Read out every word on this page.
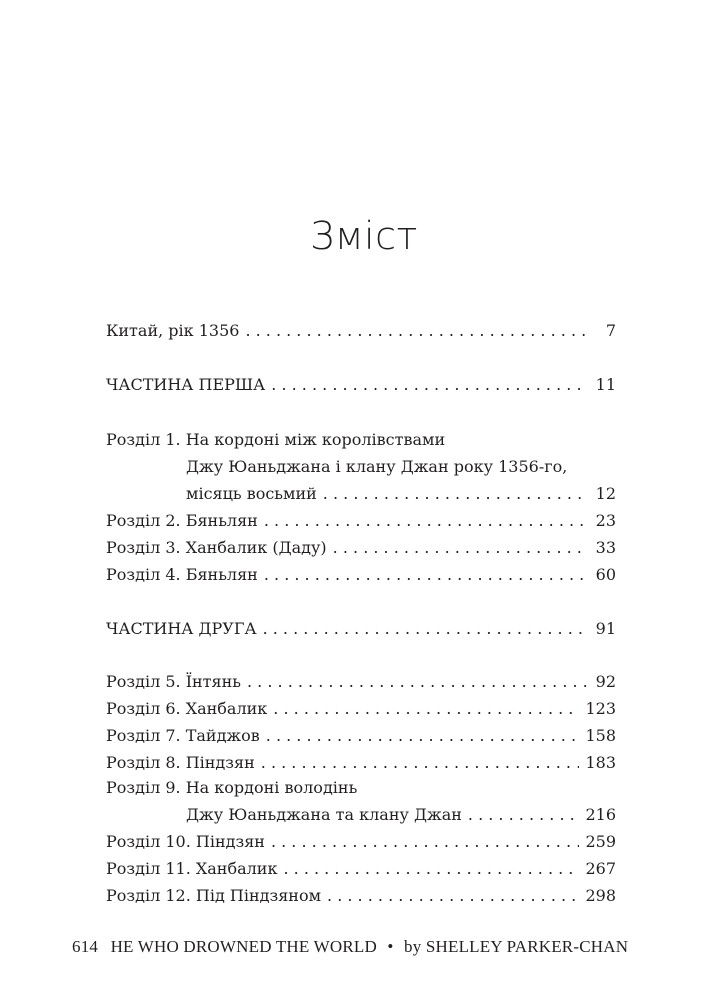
Зміст
Китай, рік 1356 . . .	7
ЧАСТИНА ПЕРША . . .	11
Розділ 1. На кордоні між королівствами
Джу Юаньджана і клану Джан року 1356-го,
місяць восьмий . . .	12
Розділ 2. Бяньлян . . .	23
Розділ 3. Ханбалик (Даду) . . .	33
Розділ 4. Бяньлян . . .	60
ЧАСТИНА ДРУГА . . .	91
Розділ 5. Їнтянь . . .	92
Розділ 6. Ханбалик . . .	123
Розділ 7. Тайджов . . .	158
Розділ 8. Піндзян . . .	183
Розділ 9. На кордоні володінь
Джу Юаньджана та клану Джан . . .	216
Розділ 10. Піндзян . . .	259
Розділ 11. Ханбалик . . .	267
Розділ 12. Під Піндзяном . . .	298
614 HE WHO DROWNED THE WORLD • by SHELLEY PARKER-CHAN
